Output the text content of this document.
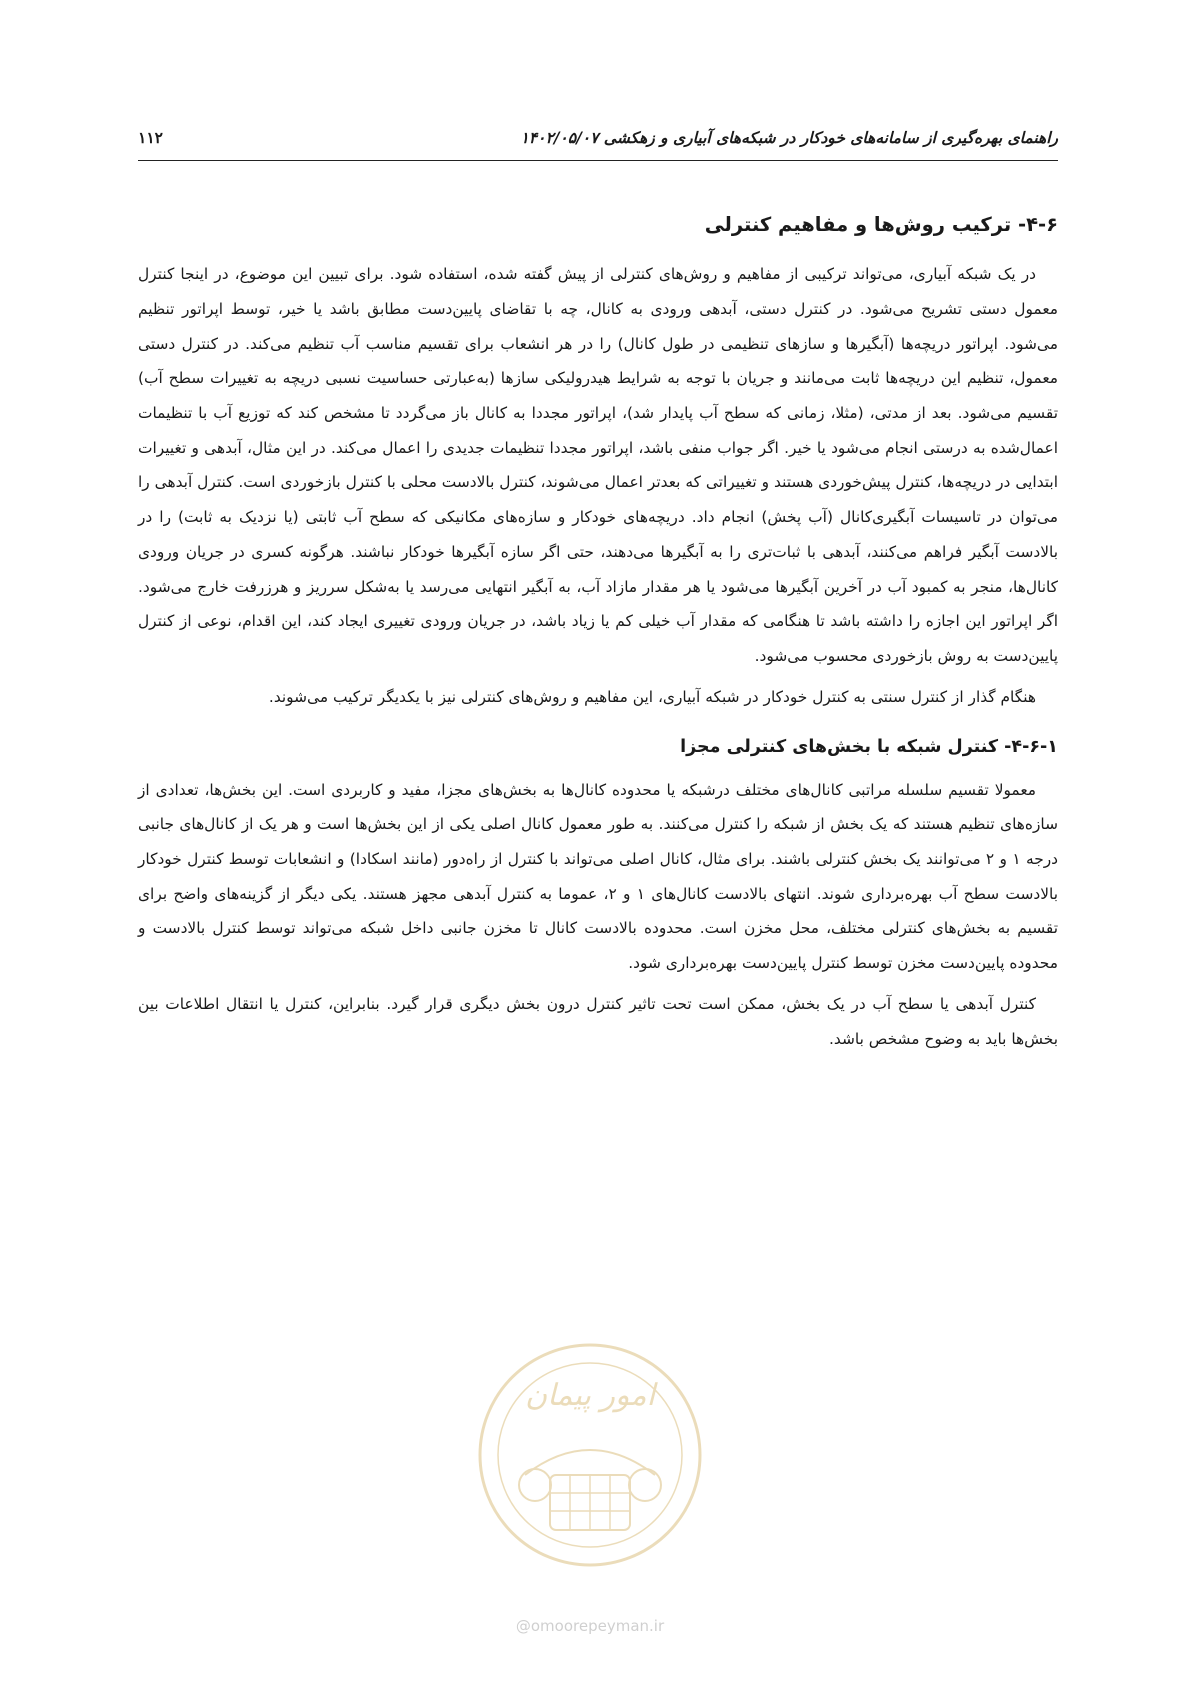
راهنمای بهره‌گیری از سامانه‌های خودکار در شبکه‌های آبیاری و زهکشی ۱۴۰۲/۰۵/۰۷
۱۱۲
۴-۶- ترکیب روش‌ها و مفاهیم کنترلی

در یک شبکه آبیاری، می‌تواند ترکیبی از مفاهیم و روش‌های کنترلی از پیش گفته شده، استفاده شود. برای تبیین این موضوع، در اینجا کنترل معمول دستی تشریح می‌شود. در کنترل دستی، آبدهی ورودی به کانال، چه با تقاضای پایین‌دست مطابق باشد یا خیر، توسط اپراتور تنظیم می‌شود. اپراتور دریچه‌ها (آبگیرها و سازهای تنظیمی در طول کانال) را در هر انشعاب برای تقسیم مناسب آب تنظیم می‌کند. در کنترل دستی معمول، تنظیم این دریچه‌ها ثابت می‌مانند و جریان با توجه به شرایط هیدرولیکی سازها (به‌عبارتی حساسیت نسبی دریچه به تغییرات سطح آب) تقسیم می‌شود. بعد از مدتی، (مثلا، زمانی که سطح آب پایدار شد)، اپراتور مجددا به کانال باز می‌گردد تا مشخص کند که توزیع آب با تنظیمات اعمال‌شده به درستی انجام می‌شود یا خیر. اگر جواب منفی باشد، اپراتور مجددا تنظیمات جدیدی را اعمال می‌کند. در این مثال، آبدهی و تغییرات ابتدایی در دریچه‌ها، کنترل پیش‌خوردی هستند و تغییراتی که بعدتر اعمال می‌شوند، کنترل بالادست محلی با کنترل بازخوردی است. کنترل آبدهی را می‌توان در تاسیسات آبگیری‌کانال (آب پخش) انجام داد. دریچه‌های خودکار و سازه‌های مکانیکی که سطح آب ثابتی (یا نزدیک به ثابت) را در بالادست آبگیر فراهم می‌کنند، آبدهی با ثبات‌تری را به آبگیرها می‌دهند، حتی اگر سازه آبگیرها خودکار نباشند. هرگونه کسری در جریان ورودی کانال‌ها، منجر به کمبود آب در آخرین آبگیرها می‌شود یا هر مقدار مازاد آب، به آبگیر انتهایی می‌رسد یا به‌شکل سرریز و هرزرفت خارج می‌شود. اگر اپراتور این اجازه را داشته باشد تا هنگامی که مقدار آب خیلی کم یا زیاد باشد، در جریان ورودی تغییری ایجاد کند، این اقدام، نوعی از کنترل پایین‌دست به روش بازخوردی محسوب می‌شود.

هنگام گذار از کنترل سنتی به کنترل خودکار در شبکه آبیاری، این مفاهیم و روش‌های کنترلی نیز با یکدیگر ترکیب می‌شوند.

۴-۶-۱- کنترل شبکه با بخش‌های کنترلی مجزا

معمولا تقسیم سلسله مراتبی کانال‌های مختلف درشبکه یا محدوده کانال‌ها به بخش‌های مجزا، مفید و کاربردی است. این بخش‌ها، تعدادی از سازه‌های تنظیم هستند که یک بخش از شبکه را کنترل می‌کنند. به طور معمول کانال اصلی یکی از این بخش‌ها است و هر یک از کانال‌های جانبی درجه ۱ و ۲ می‌توانند یک بخش کنترلی باشند. برای مثال، کانال اصلی می‌تواند با کنترل از راه‌دور (مانند اسکادا) و انشعابات توسط کنترل خودکار بالادست سطح آب بهره‌برداری شوند. انتهای بالادست کانال‌های ۱ و ۲، عموما به کنترل آبدهی مجهز هستند. یکی دیگر از گزینه‌های واضح برای تقسیم به بخش‌های کنترلی مختلف، محل مخزن است. محدوده بالادست کانال تا مخزن جانبی داخل شبکه می‌تواند توسط کنترل بالادست و محدوده پایین‌دست مخزن توسط کنترل پایین‌دست بهره‌برداری شود.

کنترل آبدهی یا سطح آب در یک بخش، ممکن است تحت تاثیر کنترل درون بخش دیگری قرار گیرد. بنابراین، کنترل یا انتقال اطلاعات بین بخش‌ها باید به وضوح مشخص باشد.

امور پیمان
@omoorepeyman.ir
